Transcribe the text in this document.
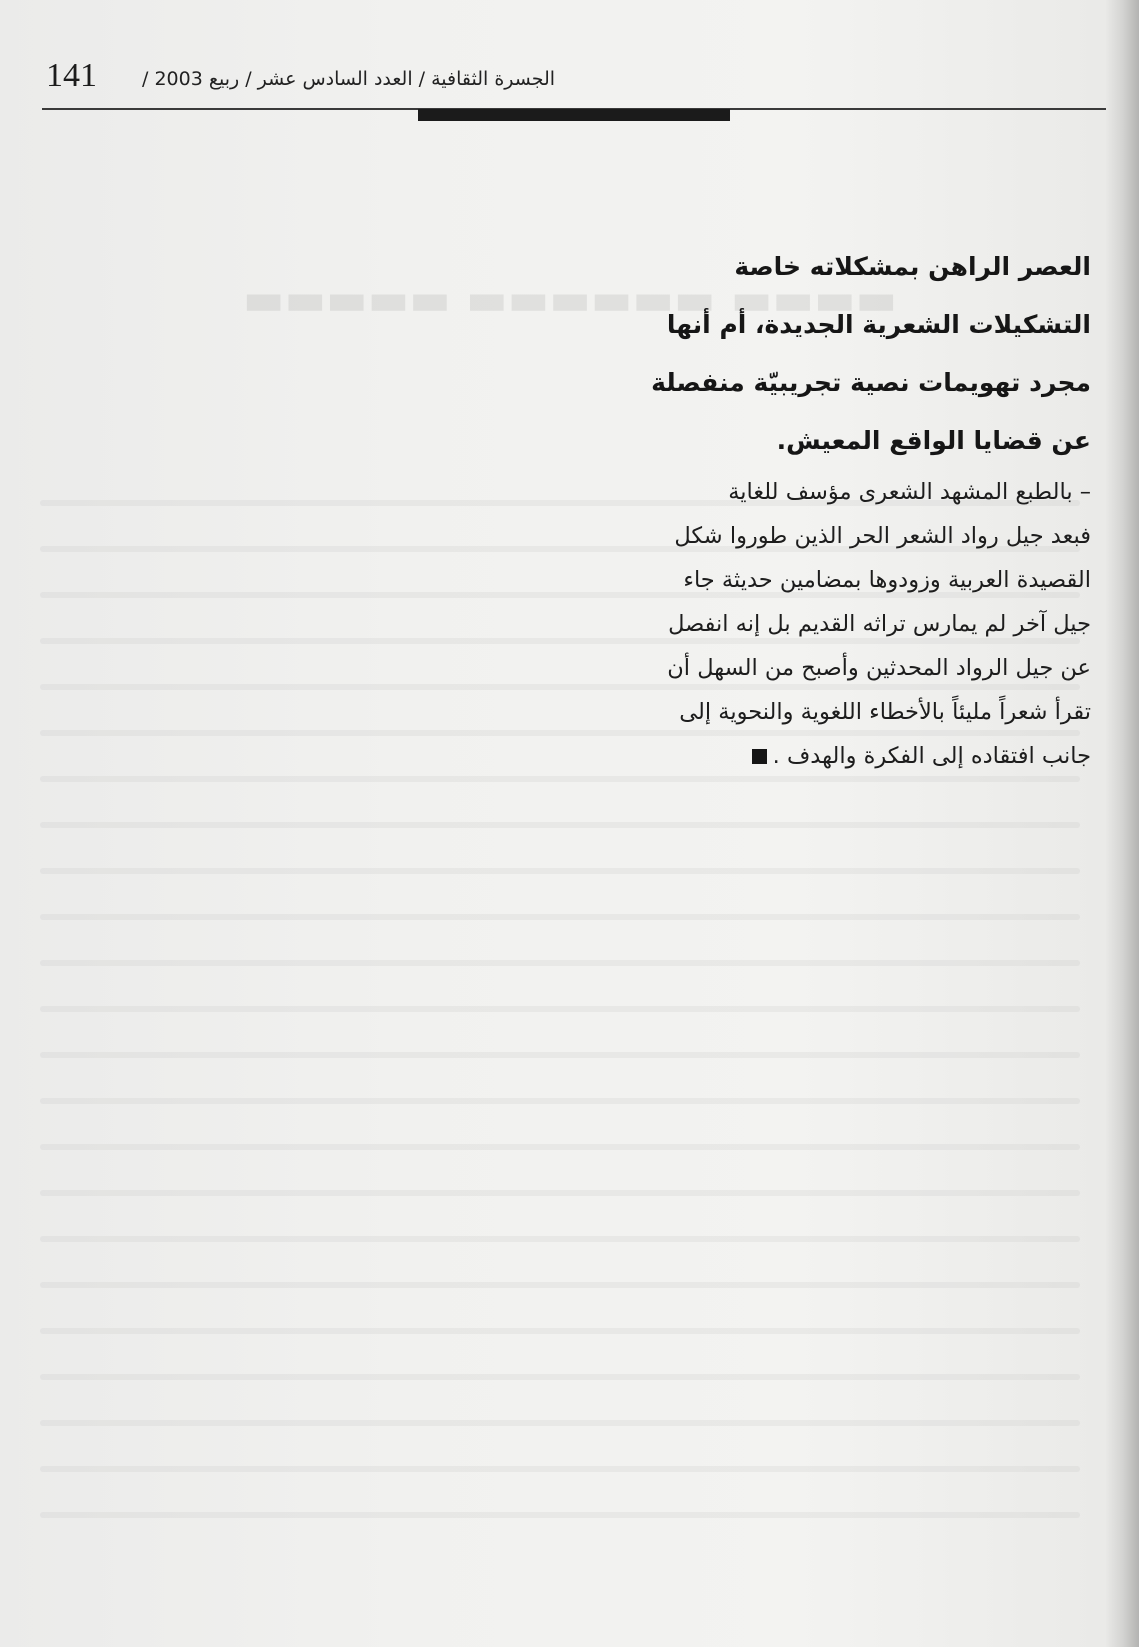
▬▬▬▬ ▬▬▬▬▬▬ ▬▬▬▬▬
141 الجسرة الثقافية / العدد السادس عشر / ربيع 2003 /
العصر الراهن بمشكلاته خاصة
التشكيلات الشعرية الجديدة، أم أنها
مجرد تهويمات نصية تجريبيّة منفصلة
عن قضايا الواقع المعيش.
– بالطبع المشهد الشعرى مؤسف للغاية
فبعد جيل رواد الشعر الحر الذين طوروا شكل
القصيدة العربية وزودوها بمضامين حديثة جاء
جيل آخر لم يمارس تراثه القديم بل إنه انفصل
عن جيل الرواد المحدثين وأصبح من السهل أن
تقرأ شعراً مليئاً بالأخطاء اللغوية والنحوية إلى
جانب افتقاده إلى الفكرة والهدف .
